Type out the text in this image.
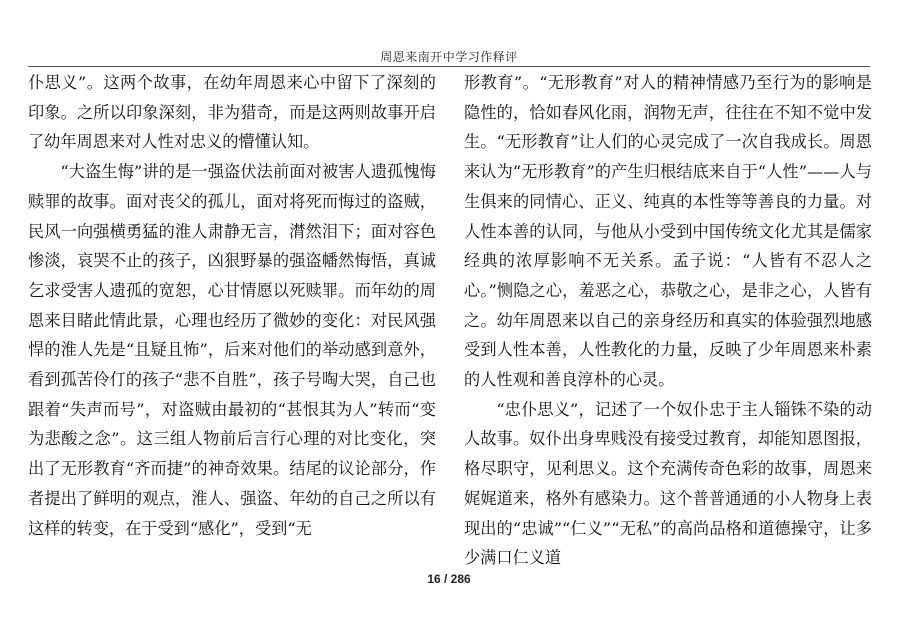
周恩来南开中学习作释评

仆思义”。这两个故事，在幼年周恩来心中留下了深刻的印象。之所以印象深刻，非为猎奇，而是这两则故事开启了幼年周恩来对人性对忠义的懵懂认知。

“大盗生悔”讲的是一强盗伏法前面对被害人遗孤愧悔赎罪的故事。面对丧父的孤儿，面对将死而悔过的盗贼，民风一向强横勇猛的淮人肃静无言，潸然泪下；面对容色惨淡，哀哭不止的孩子，凶狠野暴的强盗幡然悔悟，真诚乞求受害人遗孤的宽恕，心甘情愿以死赎罪。而年幼的周恩来目睹此情此景，心理也经历了微妙的变化：对民风强悍的淮人先是“且疑且怖”，后来对他们的举动感到意外，看到孤苦伶仃的孩子“悲不自胜”，孩子号啕大哭，自己也跟着“失声而号”，对盗贼由最初的“甚恨其为人”转而“变为悲酸之念”。这三组人物前后言行心理的对比变化，突出了无形教育“齐而捷”的神奇效果。结尾的议论部分，作者提出了鲜明的观点，淮人、强盗、年幼的自己之所以有这样的转变，在于受到“感化”，受到“无

形教育”。“无形教育”对人的精神情感乃至行为的影响是隐性的，恰如春风化雨，润物无声，往往在不知不觉中发生。“无形教育”让人们的心灵完成了一次自我成长。周恩来认为“无形教育”的产生归根结底来自于“人性”——人与生俱来的同情心、正义、纯真的本性等等善良的力量。对人性本善的认同，与他从小受到中国传统文化尤其是儒家经典的浓厚影响不无关系。孟子说：“人皆有不忍人之心。”恻隐之心，羞恶之心，恭敬之心，是非之心，人皆有之。幼年周恩来以自己的亲身经历和真实的体验强烈地感受到人性本善，人性教化的力量，反映了少年周恩来朴素的人性观和善良淳朴的心灵。

“忠仆思义”，记述了一个奴仆忠于主人锱铢不染的动人故事。奴仆出身卑贱没有接受过教育，却能知恩图报，格尽职守，见利思义。这个充满传奇色彩的故事，周恩来娓娓道来，格外有感染力。这个普普通通的小人物身上表现出的“忠诚”“仁义”“无私”的高尚品格和道德操守，让多少满口仁义道

16 / 286
